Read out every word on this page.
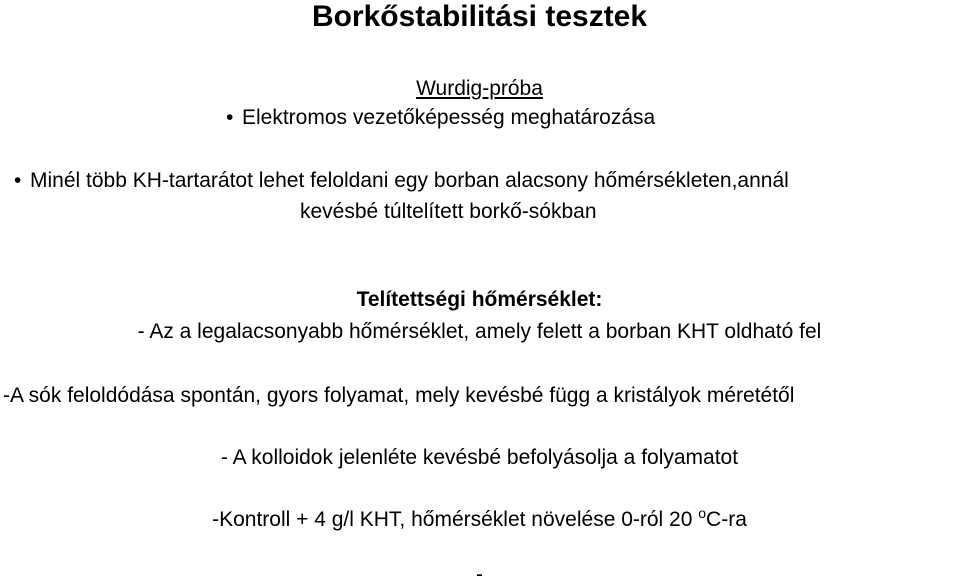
Borkőstabilitási tesztek
Wurdig-próba
• Elektromos vezetőképesség meghatározása
• Minél több KH-tartarátot lehet feloldani egy borban alacsony hőmérsékleten,annál
kevésbé túltelített borkő-sókban
Telítettségi hőmérséklet:
- Az a legalacsonyabb hőmérséklet, amely felett a borban KHT oldható fel
-A sók feloldódása spontán, gyors folyamat, mely kevésbé függ a kristályok méretétől
- A kolloidok jelenléte kevésbé befolyásolja a folyamatot
-Kontroll + 4 g/l KHT, hőmérséklet növelése 0-ról 20 $^o$C-ra
-
